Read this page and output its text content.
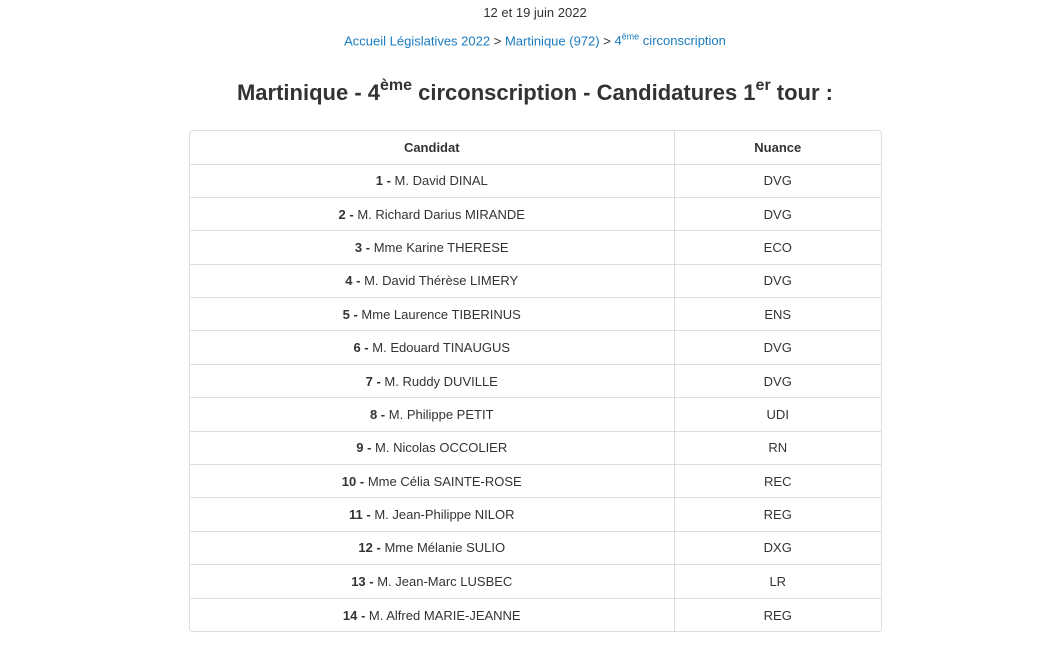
12 et 19 juin 2022
Accueil Législatives 2022 > Martinique (972) > 4ème circonscription
Martinique - 4ème circonscription - Candidatures 1er tour :
Candidat	Nuance
1 - M. David DINAL	DVG
2 - M. Richard Darius MIRANDE	DVG
3 - Mme Karine THERESE	ECO
4 - M. David Thérèse LIMERY	DVG
5 - Mme Laurence TIBERINUS	ENS
6 - M. Edouard TINAUGUS	DVG
7 - M. Ruddy DUVILLE	DVG
8 - M. Philippe PETIT	UDI
9 - M. Nicolas OCCOLIER	RN
10 - Mme Célia SAINTE-ROSE	REC
11 - M. Jean-Philippe NILOR	REG
12 - Mme Mélanie SULIO	DXG
13 - M. Jean-Marc LUSBEC	LR
14 - M. Alfred MARIE-JEANNE	REG
